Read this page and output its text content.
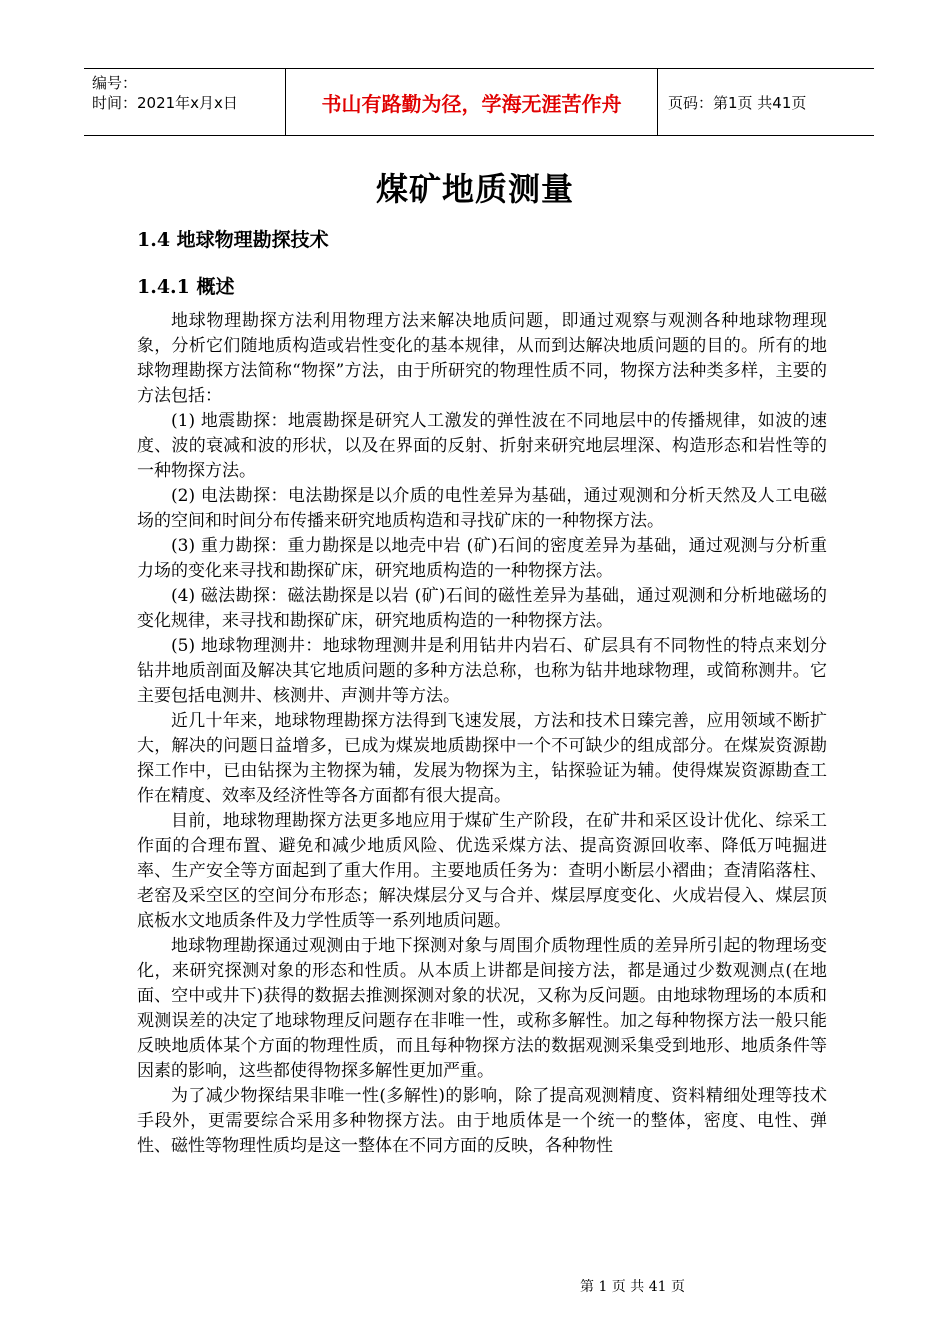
编号：
时间：2021年x月x日	书山有路勤为径，学海无涯苦作舟	页码：第1页 共41页
煤矿地质测量
1.4 地球物理勘探技术
1.4.1 概述

地球物理勘探方法利用物理方法来解决地质问题，即通过观察与观测各种地球物理现象，分析它们随地质构造或岩性变化的基本规律，从而到达解决地质问题的目的。所有的地球物理勘探方法简称“物探”方法，由于所研究的物理性质不同，物探方法种类多样，主要的方法包括：

(1) 地震勘探：地震勘探是研究人工激发的弹性波在不同地层中的传播规律，如波的速度、波的衰减和波的形状，以及在界面的反射、折射来研究地层埋深、构造形态和岩性等的一种物探方法。

(2) 电法勘探：电法勘探是以介质的电性差异为基础，通过观测和分析天然及人工电磁场的空间和时间分布传播来研究地质构造和寻找矿床的一种物探方法。

(3) 重力勘探：重力勘探是以地壳中岩 (矿)石间的密度差异为基础，通过观测与分析重力场的变化来寻找和勘探矿床，研究地质构造的一种物探方法。

(4) 磁法勘探：磁法勘探是以岩 (矿)石间的磁性差异为基础，通过观测和分析地磁场的变化规律，来寻找和勘探矿床，研究地质构造的一种物探方法。

(5) 地球物理测井：地球物理测井是利用钻井内岩石、矿层具有不同物性的特点来划分钻井地质剖面及解决其它地质问题的多种方法总称，也称为钻井地球物理，或简称测井。它主要包括电测井、核测井、声测井等方法。

近几十年来，地球物理勘探方法得到飞速发展，方法和技术日臻完善，应用领域不断扩大，解决的问题日益增多，已成为煤炭地质勘探中一个不可缺少的组成部分。在煤炭资源勘探工作中，已由钻探为主物探为辅，发展为物探为主，钻探验证为辅。使得煤炭资源勘查工作在精度、效率及经济性等各方面都有很大提高。

目前，地球物理勘探方法更多地应用于煤矿生产阶段，在矿井和采区设计优化、综采工作面的合理布置、避免和减少地质风险、优选采煤方法、提高资源回收率、降低万吨掘进率、生产安全等方面起到了重大作用。主要地质任务为：查明小断层小褶曲；查清陷落柱、老窑及采空区的空间分布形态；解决煤层分叉与合并、煤层厚度变化、火成岩侵入、煤层顶底板水文地质条件及力学性质等一系列地质问题。

地球物理勘探通过观测由于地下探测对象与周围介质物理性质的差异所引起的物理场变化，来研究探测对象的形态和性质。从本质上讲都是间接方法，都是通过少数观测点(在地面、空中或井下)获得的数据去推测探测对象的状况，又称为反问题。由地球物理场的本质和观测误差的决定了地球物理反问题存在非唯一性，或称多解性。加之每种物探方法一般只能反映地质体某个方面的物理性质，而且每种物探方法的数据观测采集受到地形、地质条件等因素的影响，这些都使得物探多解性更加严重。

为了减少物探结果非唯一性(多解性)的影响，除了提高观测精度、资料精细处理等技术手段外，更需要综合采用多种物探方法。由于地质体是一个统一的整体，密度、电性、弹性、磁性等物理性质均是这一整体在不同方面的反映，各种物性

第 1 页 共 41 页
